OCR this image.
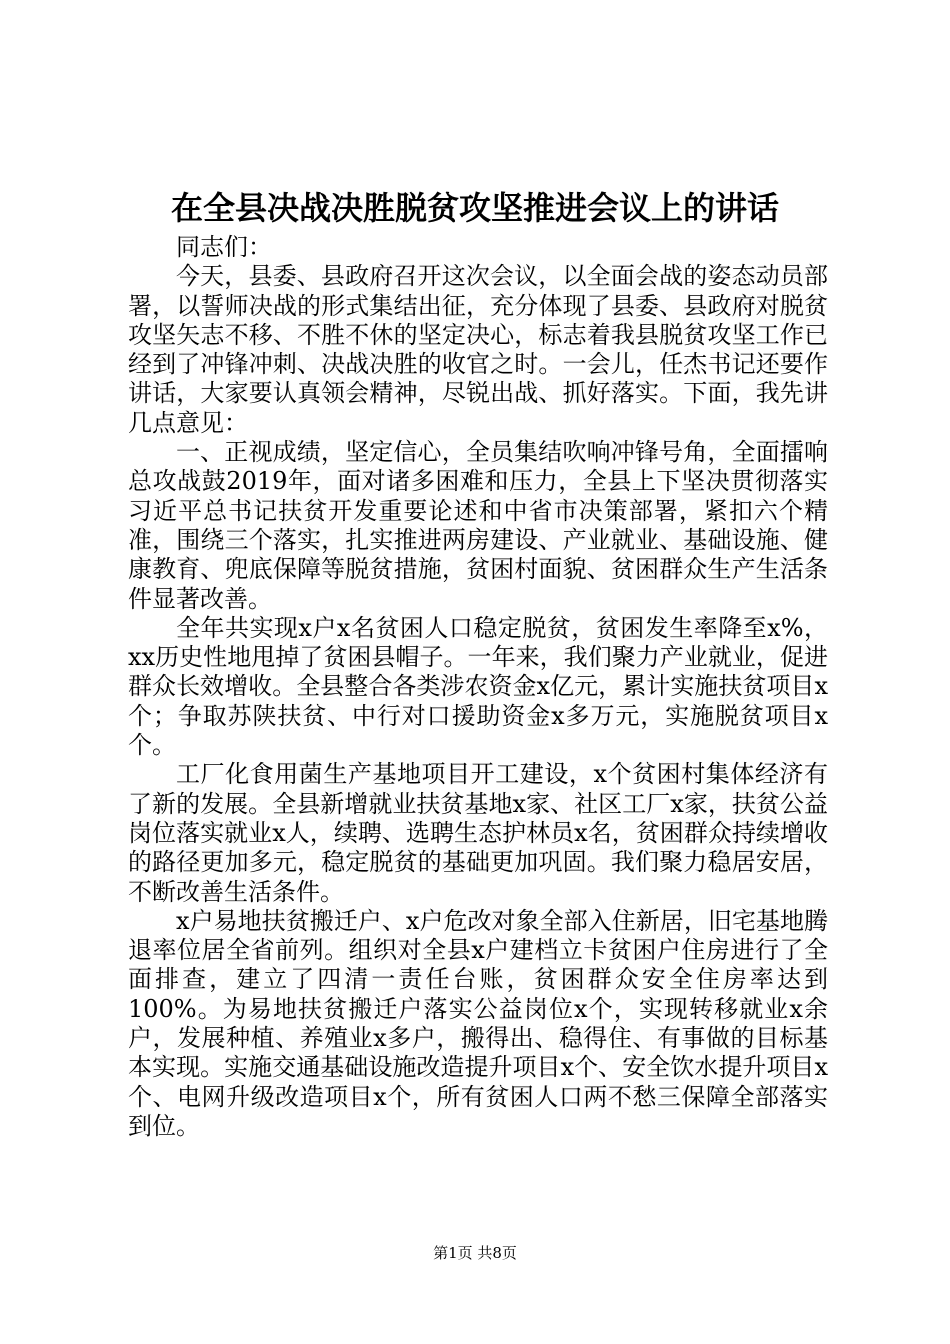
在全县决战决胜脱贫攻坚推进会议上的讲话

同志们：

今天，县委、县政府召开这次会议，以全面会战的姿态动员部署，以誓师决战的形式集结出征，充分体现了县委、县政府对脱贫攻坚矢志不移、不胜不休的坚定决心，标志着我县脱贫攻坚工作已经到了冲锋冲刺、决战决胜的收官之时。一会儿，任杰书记还要作讲话，大家要认真领会精神，尽锐出战、抓好落实。下面，我先讲几点意见：

一、正视成绩，坚定信心，全员集结吹响冲锋号角，全面擂响总攻战鼓2019年，面对诸多困难和压力，全县上下坚决贯彻落实习近平总书记扶贫开发重要论述和中省市决策部署，紧扣六个精准，围绕三个落实，扎实推进两房建设、产业就业、基础设施、健康教育、兜底保障等脱贫措施，贫困村面貌、贫困群众生产生活条件显著改善。

全年共实现x户x名贫困人口稳定脱贫，贫困发生率降至x%，xx历史性地甩掉了贫困县帽子。一年来，我们聚力产业就业，促进群众长效增收。全县整合各类涉农资金x亿元，累计实施扶贫项目x个；争取苏陕扶贫、中行对口援助资金x多万元，实施脱贫项目x个。

工厂化食用菌生产基地项目开工建设，x个贫困村集体经济有了新的发展。全县新增就业扶贫基地x家、社区工厂x家，扶贫公益岗位落实就业x人，续聘、选聘生态护林员x名，贫困群众持续增收的路径更加多元，稳定脱贫的基础更加巩固。我们聚力稳居安居，不断改善生活条件。

x户易地扶贫搬迁户、x户危改对象全部入住新居，旧宅基地腾退率位居全省前列。组织对全县x户建档立卡贫困户住房进行了全面排查，建立了四清一责任台账，贫困群众安全住房率达到100%。为易地扶贫搬迁户落实公益岗位x个，实现转移就业x余户，发展种植、养殖业x多户，搬得出、稳得住、有事做的目标基本实现。实施交通基础设施改造提升项目x个、安全饮水提升项目x个、电网升级改造项目x个，所有贫困人口两不愁三保障全部落实到位。

第1页 共8页
